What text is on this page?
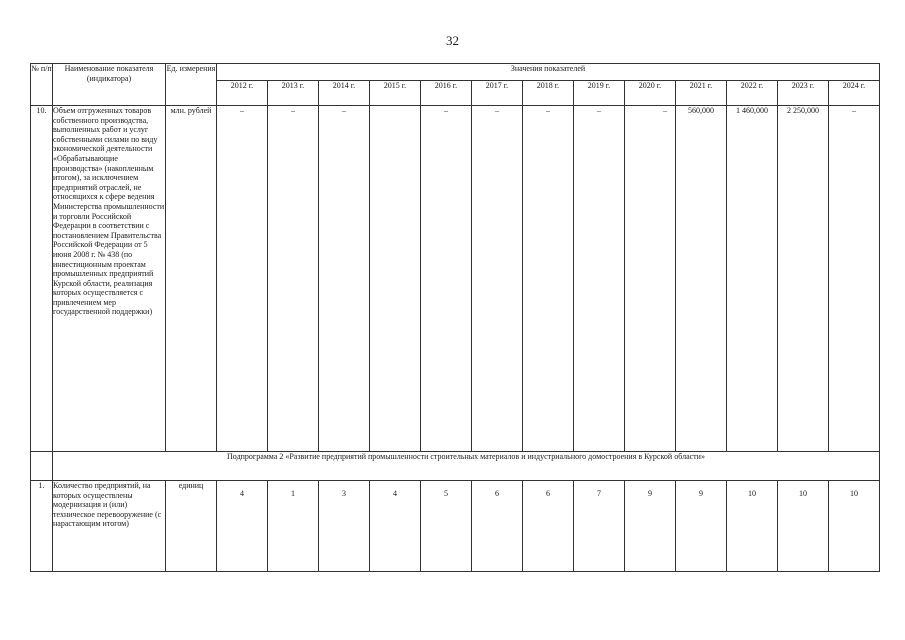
32
№ п/п	Наименование показателя (индикатора)	Ед. измерения	Значения показателей												
			2012 г.	2013 г.	2014 г.	2015 г.	2016 г.	2017 г.	2018 г.	2019 г.	2020 г.	2021 г.	2022 г.	2023 г.	2024 г.
10.	Объем отгруженных товаров собственного производства, выполненных работ и услуг собственными силами по виду экономической деятельности «Обрабатывающие производства» (накопленным итогом), за исключением предприятий отраслей, не относящихся к сфере ведения Министерства промышленности и торговли Российской Федерации в соответствии с постановлением Правительства Российской Федерации от 5 июня 2008 г. № 438 (по инвестиционным проектам промышленных предприятий Курской области, реализация которых осуществляется с привлечением мер государственной поддержки)	млн. рублей	–	–	–		–	–	–	–	–	560,000	1 460,000	2 250,000	–
	Подпрограмма 2 «Развитие предприятий промышленности строительных материалов и индустриального домостроения в Курской области»														
1.	Количество предприятий, на которых осуществлены модернизация и (или) техническое перевооружение (с нарастающим итогом)	единиц	4	1	3	4	5	6	6	7	9	9	10	10	10
